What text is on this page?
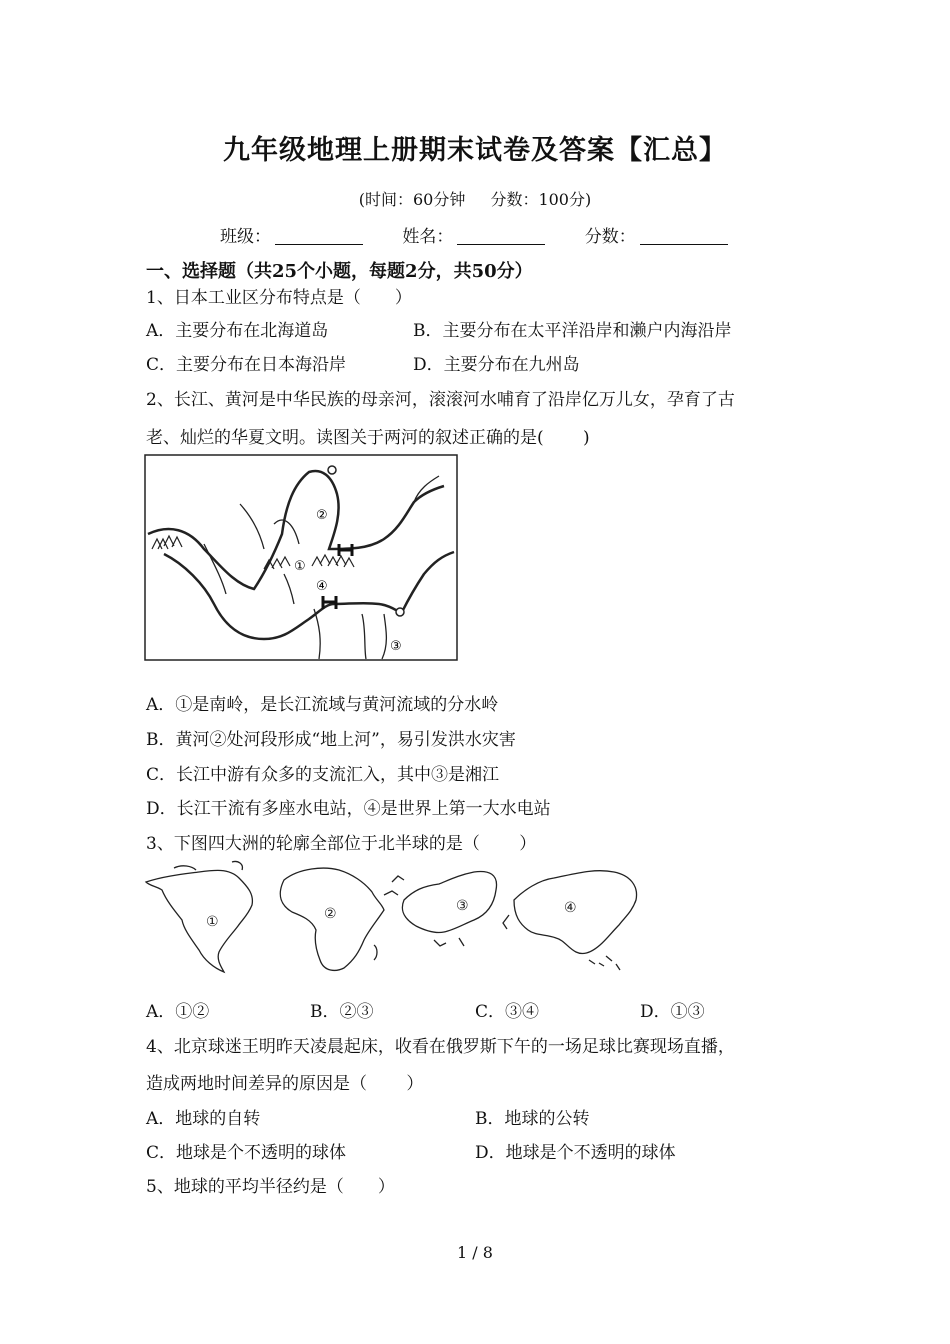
九年级地理上册期末试卷及答案【汇总】
(时间：60分钟 分数：100分)
班级：	姓名：	分数：
一、选择题（共25个小题，每题2分，共50分）
1、日本工业区分布特点是（　　）
A．主要分布在北海道岛	B．主要分布在太平洋沿岸和濑户内海沿岸
C．主要分布在日本海沿岸	D．主要分布在九州岛
2、长江、黄河是中华民族的母亲河，滚滚河水哺育了沿岸亿万儿女，孕育了古
老、灿烂的华夏文明。读图关于两河的叙述正确的是(　　 )
①
②
③
④
A．①是南岭，是长江流域与黄河流域的分水岭
B．黄河②处河段形成“地上河”，易引发洪水灾害
C．长江中游有众多的支流汇入，其中③是湘江
D．长江干流有多座水电站，④是世界上第一大水电站
3、下图四大洲的轮廓全部位于北半球的是（　　 ）
①	②	③	④
A．①②	B．②③	C．③④	D．①③
4、北京球迷王明昨天凌晨起床，收看在俄罗斯下午的一场足球比赛现场直播，
造成两地时间差异的原因是（　　 ）
A．地球的自转	B．地球的公转
C．地球是个不透明的球体	D．地球是个不透明的球体
5、地球的平均半径约是（　　）
1 / 8
